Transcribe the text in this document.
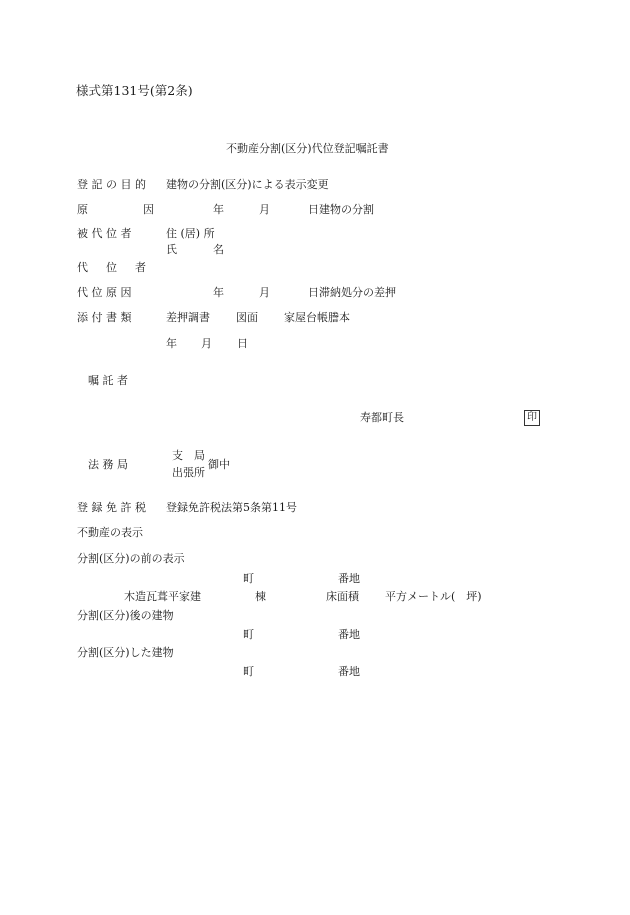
様式第131号(第2条)
不動産分割(区分)代位登記嘱託書
登 記 の 目 的 建物の分割(区分)による表示変更
原　　　　　因	年	月	日建物の分割
被 代 位 者	住 (居) 所
氏	名
代 　 位 　 者
代 位 原 因	年	月	日滞納処分の差押
添 付 書 類	差押調書 図面 家屋台帳謄本
年 月 日
嘱 託 者
寿都町長	印
法 務 局
支　局
出張所
御中
登 録 免 許 税 登録免許税法第5条第11号
不動産の表示
分割(区分)の前の表示
町	番地
木造瓦葺平家建	棟	床面積 平方メートル(　坪)
分割(区分)後の建物
町	番地
分割(区分)した建物
町	番地
